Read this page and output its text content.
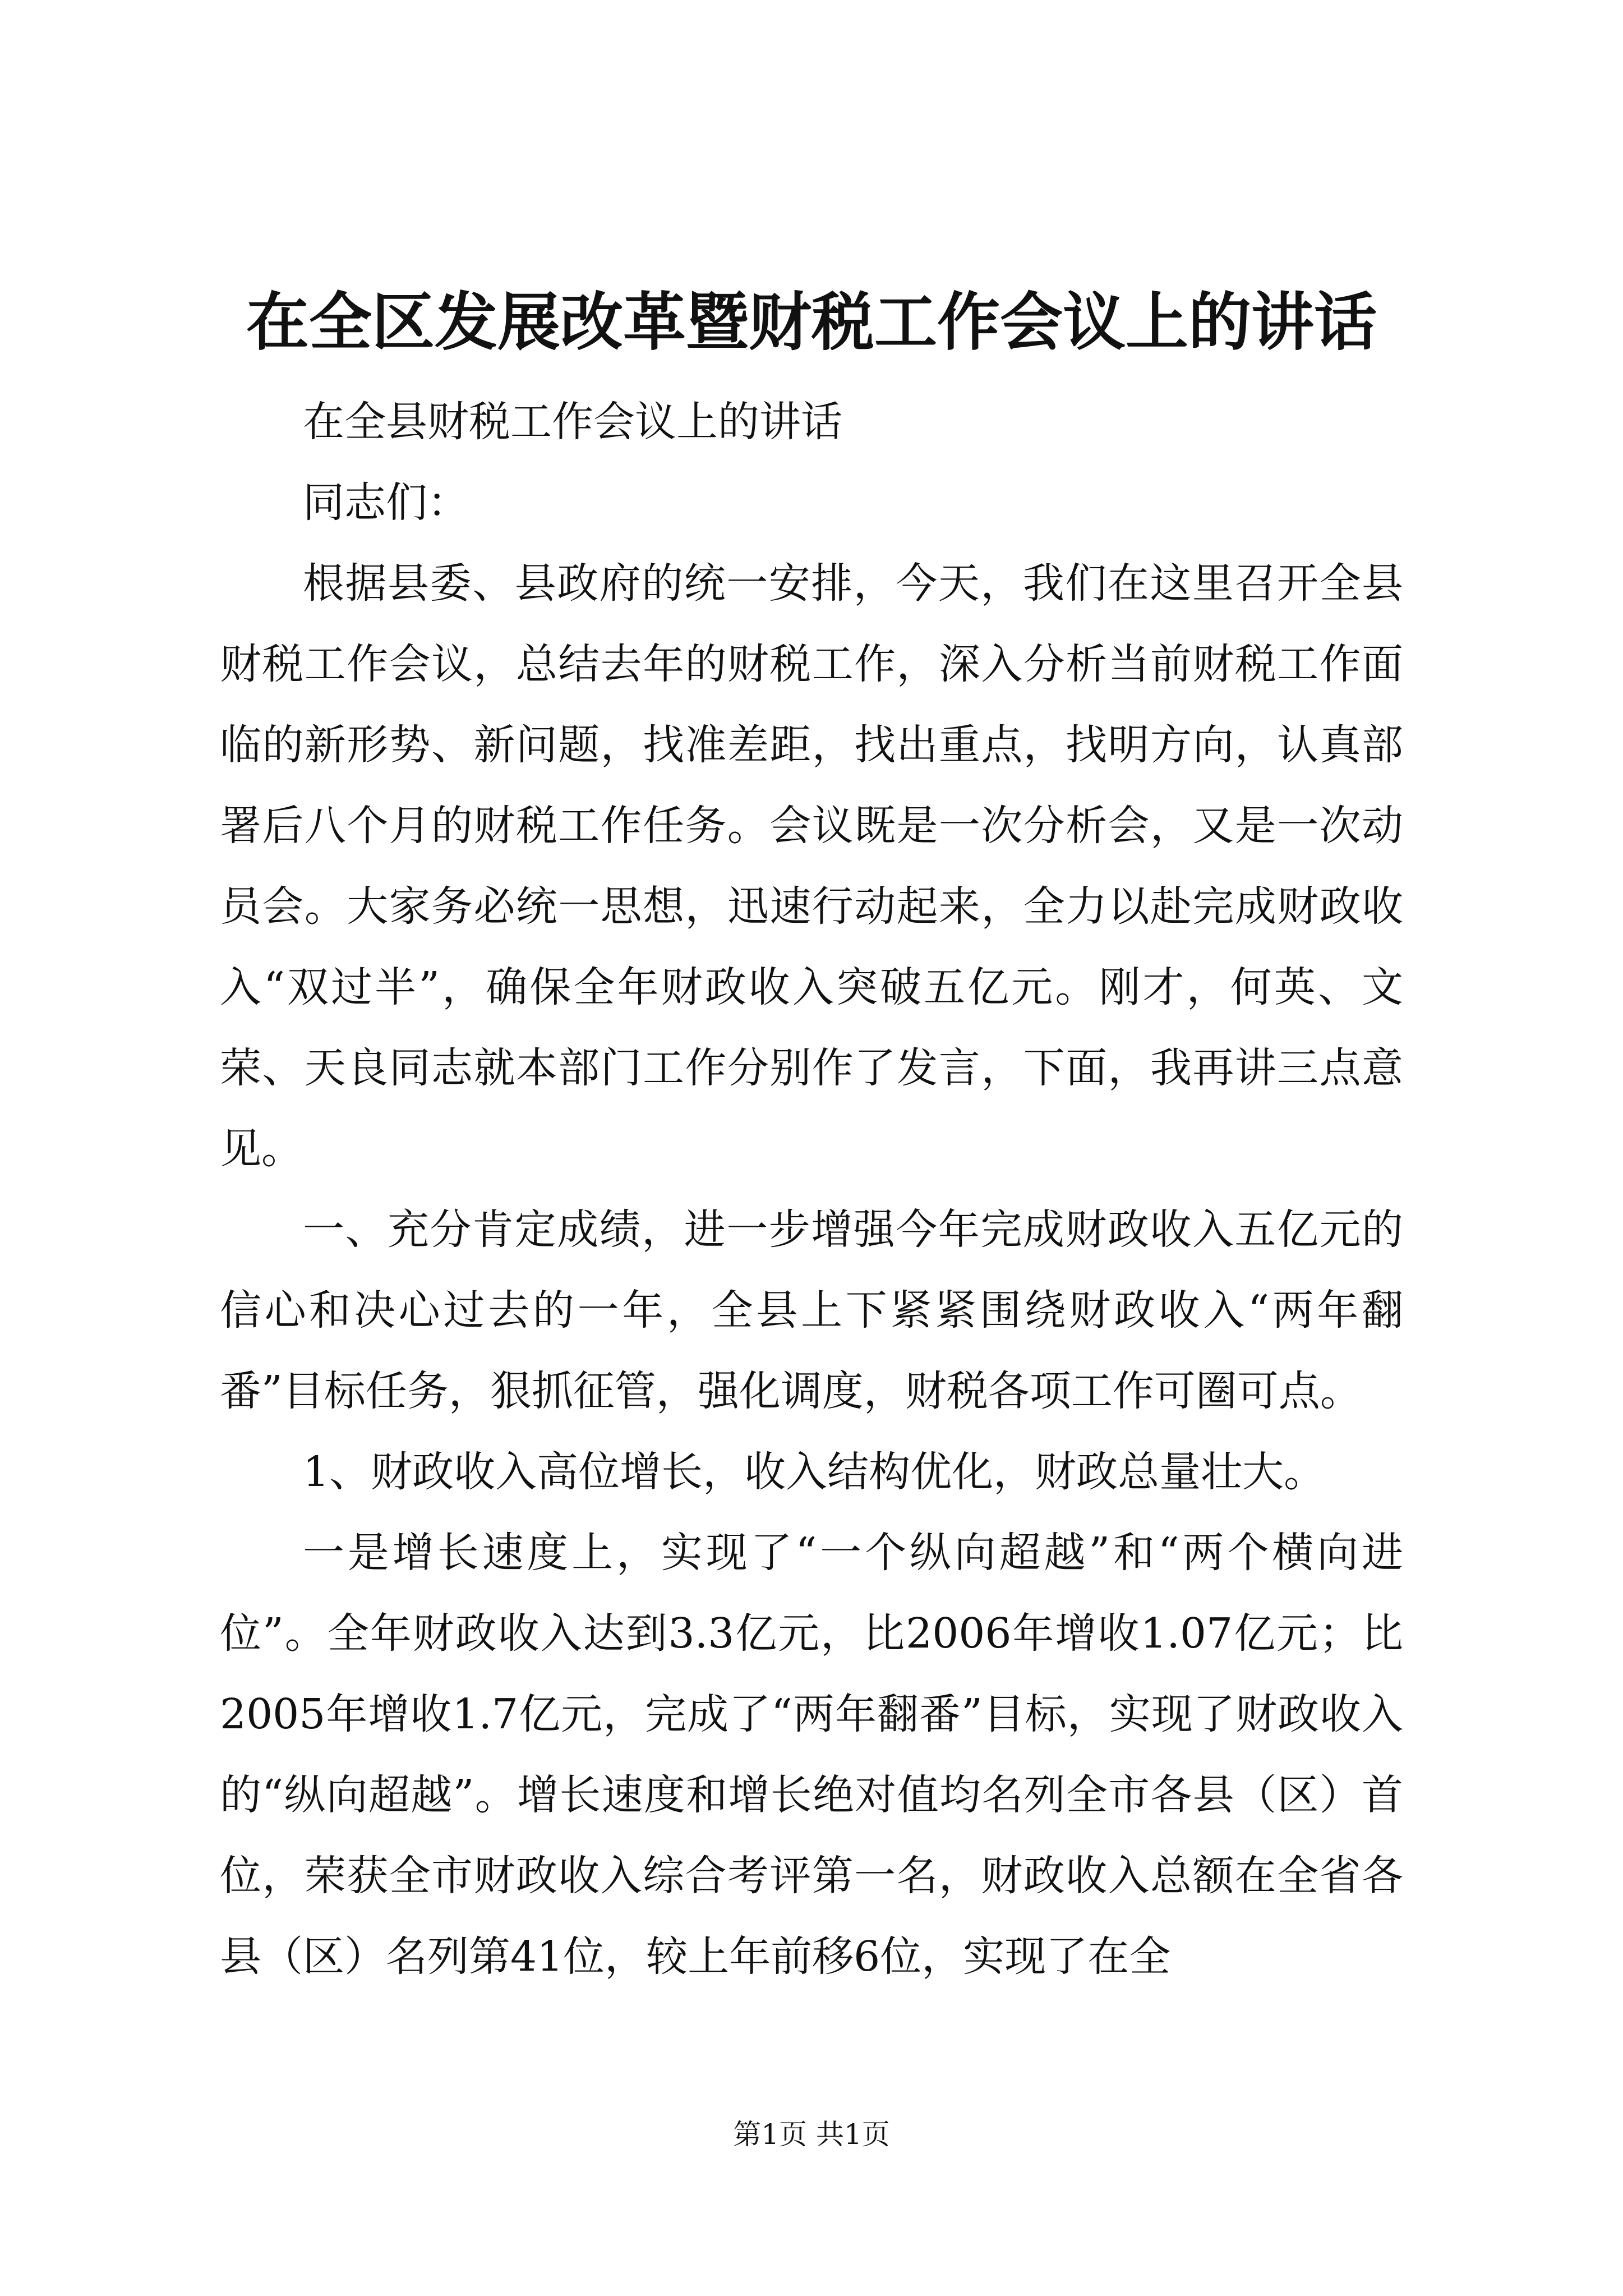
在全区发展改革暨财税工作会议上的讲话

在全县财税工作会议上的讲话

同志们：

根据县委、县政府的统一安排，今天，我们在这里召开全县财税工作会议，总结去年的财税工作，深入分析当前财税工作面临的新形势、新问题，找准差距，找出重点，找明方向，认真部署后八个月的财税工作任务。会议既是一次分析会，又是一次动员会。大家务必统一思想，迅速行动起来，全力以赴完成财政收入“双过半”，确保全年财政收入突破五亿元。刚才，何英、文荣、天良同志就本部门工作分别作了发言，下面，我再讲三点意见。

一、充分肯定成绩，进一步增强今年完成财政收入五亿元的信心和决心过去的一年，全县上下紧紧围绕财政收入“两年翻番”目标任务，狠抓征管，强化调度，财税各项工作可圈可点。

1、财政收入高位增长，收入结构优化，财政总量壮大。

一是增长速度上，实现了“一个纵向超越”和“两个横向进位”。全年财政收入达到3.3亿元，比2006年增收1.07亿元；比2005年增收1.7亿元，完成了“两年翻番”目标，实现了财政收入的“纵向超越”。增长速度和增长绝对值均名列全市各县（区）首位，荣获全市财政收入综合考评第一名，财政收入总额在全省各县（区）名列第41位，较上年前移6位，实现了在全

第1页 共1页
